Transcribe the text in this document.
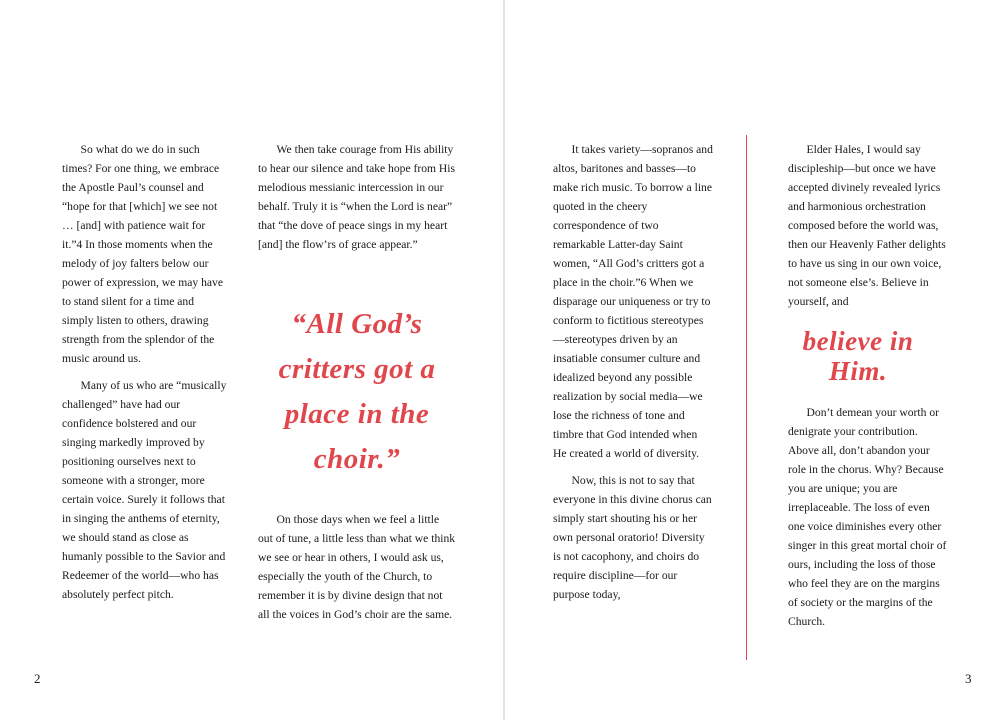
So what do we do in such times? For one thing, we embrace the Apostle Paul’s counsel and “hope for that [which] we see not … [and] with patience wait for it.”4 In those moments when the melody of joy falters below our power of expression, we may have to stand silent for a time and simply listen to others, drawing strength from the splendor of the music around us.

Many of us who are “musically challenged” have had our confidence bolstered and our singing markedly improved by positioning ourselves next to someone with a stronger, more certain voice. Surely it follows that in singing the anthems of eternity, we should stand as close as humanly possible to the Savior and Redeemer of the world—who has absolutely perfect pitch.

We then take courage from His ability to hear our silence and take hope from His melodious messianic intercession in our behalf. Truly it is “when the Lord is near” that “the dove of peace sings in my heart [and] the flow’rs of grace appear.”

“All God’s critters got a place in the choir.”

On those days when we feel a little out of tune, a little less than what we think we see or hear in others, I would ask us, especially the youth of the Church, to remember it is by divine design that not all the voices in God’s choir are the same.

It takes variety—sopranos and altos, baritones and basses—to make rich music. To borrow a line quoted in the cheery correspondence of two remarkable Latter-day Saint women, “All God’s critters got a place in the choir.”6 When we disparage our uniqueness or try to conform to fictitious stereotypes—stereotypes driven by an insatiable consumer culture and idealized beyond any possible realization by social media—we lose the richness of tone and timbre that God intended when He created a world of diversity.

Now, this is not to say that everyone in this divine chorus can simply start shouting his or her own personal oratorio! Diversity is not cacophony, and choirs do require discipline—for our purpose today,

Elder Hales, I would say discipleship—but once we have accepted divinely revealed lyrics and harmonious orchestration composed before the world was, then our Heavenly Father delights to have us sing in our own voice, not someone else’s. Believe in yourself, and

believe in Him.

Don’t demean your worth or denigrate your contribution. Above all, don’t abandon your role in the chorus. Why? Because you are unique; you are irreplaceable. The loss of even one voice diminishes every other singer in this great mortal choir of ours, including the loss of those who feel they are on the margins of society or the margins of the Church.

2	3
